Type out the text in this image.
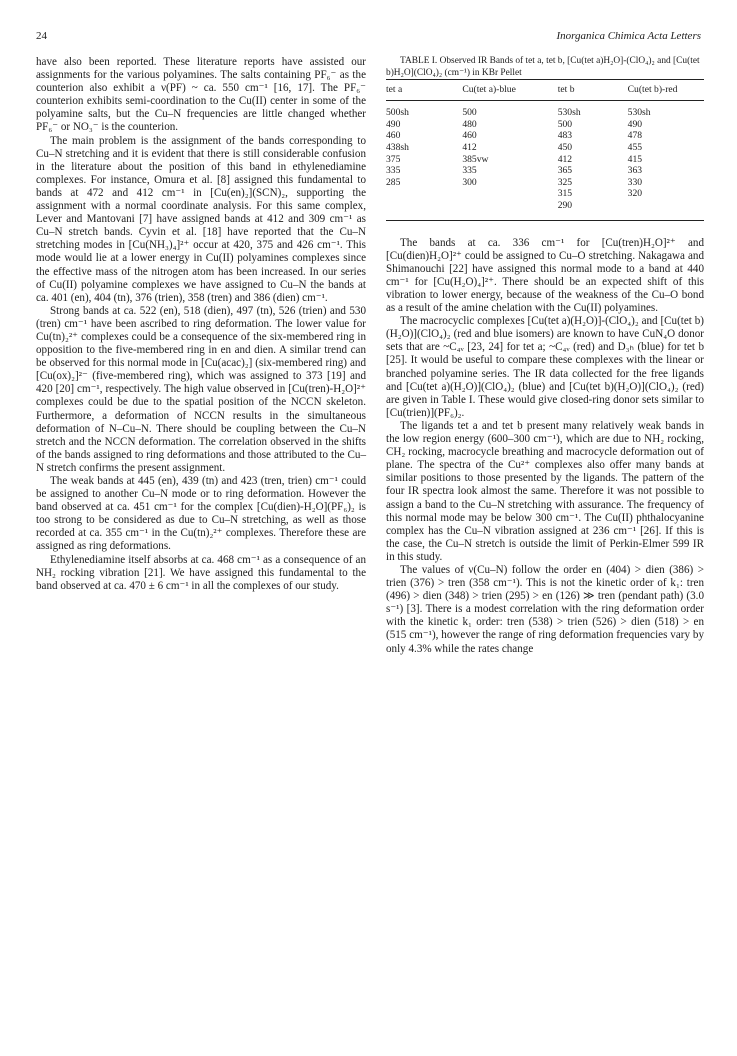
24	Inorganica Chimica Acta Letters

have also been reported. These literature reports have assisted our assignments for the various polyamines. The salts containing PF₆⁻ as the counterion also exhibit a ν(PF) ~ ca. 550 cm⁻¹ [16, 17]. The PF₆⁻ counterion exhibits semi-coordination to the Cu(II) center in some of the polyamine salts, but the Cu–N frequencies are little changed whether PF₆⁻ or NO₃⁻ is the counterion.

The main problem is the assignment of the bands corresponding to Cu–N stretching and it is evident that there is still considerable confusion in the literature about the position of this band in ethylenediamine complexes. For instance, Omura et al. [8] assigned this fundamental to bands at 472 and 412 cm⁻¹ in [Cu(en)₂](SCN)₂, supporting the assignment with a normal coordinate analysis. For this same complex, Lever and Mantovani [7] have assigned bands at 412 and 309 cm⁻¹ as Cu–N stretch bands. Cyvin et al. [18] have reported that the Cu–N stretching modes in [Cu(NH₃)₄]²⁺ occur at 420, 375 and 426 cm⁻¹. This mode would lie at a lower energy in Cu(II) polyamines complexes since the effective mass of the nitrogen atom has been increased. In our series of Cu(II) polyamine complexes we have assigned to Cu–N the bands at ca. 401 (en), 404 (tn), 376 (trien), 358 (tren) and 386 (dien) cm⁻¹.

Strong bands at ca. 522 (en), 518 (dien), 497 (tn), 526 (trien) and 530 (tren) cm⁻¹ have been ascribed to ring deformation. The lower value for Cu(tn)₂²⁺ complexes could be a consequence of the six-membered ring in opposition to the five-membered ring in en and dien. A similar trend can be observed for this normal mode in [Cu(acac)₂] (six-membered ring) and [Cu(ox)₂]²⁻ (five-membered ring), which was assigned to 373 [19] and 420 [20] cm⁻¹, respectively. The high value observed in [Cu(tren)-H₂O]²⁺ complexes could be due to the spatial position of the NCCN skeleton. Furthermore, a deformation of NCCN results in the simultaneous deformation of N–Cu–N. There should be coupling between the Cu–N stretch and the NCCN deformation. The correlation observed in the shifts of the bands assigned to ring deformations and those attributed to the Cu–N stretch confirms the present assignment.

The weak bands at 445 (en), 439 (tn) and 423 (tren, trien) cm⁻¹ could be assigned to another Cu–N mode or to ring deformation. However the band observed at ca. 451 cm⁻¹ for the complex [Cu(dien)-H₂O](PF₆)₂ is too strong to be considered as due to Cu–N stretching, as well as those recorded at ca. 355 cm⁻¹ in the Cu(tn)₂²⁺ complexes. Therefore these are assigned as ring deformations.

Ethylenediamine itself absorbs at ca. 468 cm⁻¹ as a consequence of an NH₂ rocking vibration [21]. We have assigned this fundamental to the band observed at ca. 470 ± 6 cm⁻¹ in all the complexes of our study.

TABLE I. Observed IR Bands of tet a, tet b, [Cu(tet a)H₂O]-(ClO₄)₂ and [Cu(tet b)H₂O](ClO₄)₂ (cm⁻¹) in KBr Pellet

tet a	Cu(tet a)-blue	tet b	Cu(tet b)-red
500sh	500	530sh	530sh
490	480	500	490
460	460	483	478
438sh	412	450	455
375	385vw	412	415
335	335	365	363
285	300	325	330
		315	320
		290	

The bands at ca. 336 cm⁻¹ for [Cu(tren)H₂O]²⁺ and [Cu(dien)H₂O]²⁺ could be assigned to Cu–O stretching. Nakagawa and Shimanouchi [22] have assigned this normal mode to a band at 440 cm⁻¹ for [Cu(H₂O)₄]²⁺. There should be an expected shift of this vibration to lower energy, because of the weakness of the Cu–O bond as a result of the amine chelation with the Cu(II) polyamines.

The macrocyclic complexes [Cu(tet a)(H₂O)]-(ClO₄)₂ and [Cu(tet b)(H₂O)](ClO₄)₂ (red and blue isomers) are known to have CuN₄O donor sets that are ~C₄ᵥ [23, 24] for tet a; ~C₄ᵥ (red) and D₃ₕ (blue) for tet b [25]. It would be useful to compare these complexes with the linear or branched polyamine series. The IR data collected for the free ligands and [Cu(tet a)(H₂O)](ClO₄)₂ (blue) and [Cu(tet b)(H₂O)](ClO₄)₂ (red) are given in Table I. These would give closed-ring donor sets similar to [Cu(trien)](PF₆)₂.

The ligands tet a and tet b present many relatively weak bands in the low region energy (600–300 cm⁻¹), which are due to NH₂ rocking, CH₂ rocking, macrocycle breathing and macrocycle deformation out of plane. The spectra of the Cu²⁺ complexes also offer many bands at similar positions to those presented by the ligands. The pattern of the four IR spectra look almost the same. Therefore it was not possible to assign a band to the Cu–N stretching with assurance. The frequency of this normal mode may be below 300 cm⁻¹. The Cu(II) phthalocyanine complex has the Cu–N vibration assigned at 236 cm⁻¹ [26]. If this is the case, the Cu–N stretch is outside the limit of Perkin-Elmer 599 IR in this study.

The values of ν(Cu–N) follow the order en (404) > dien (386) > trien (376) > tren (358 cm⁻¹). This is not the kinetic order of k₁: tren (496) > dien (348) > trien (295) > en (126) ≫ tren (pendant path) (3.0 s⁻¹) [3]. There is a modest correlation with the ring deformation order with the kinetic k₁ order: tren (538) > trien (526) > dien (518) > en (515 cm⁻¹), however the range of ring deformation frequencies vary by only 4.3% while the rates change
